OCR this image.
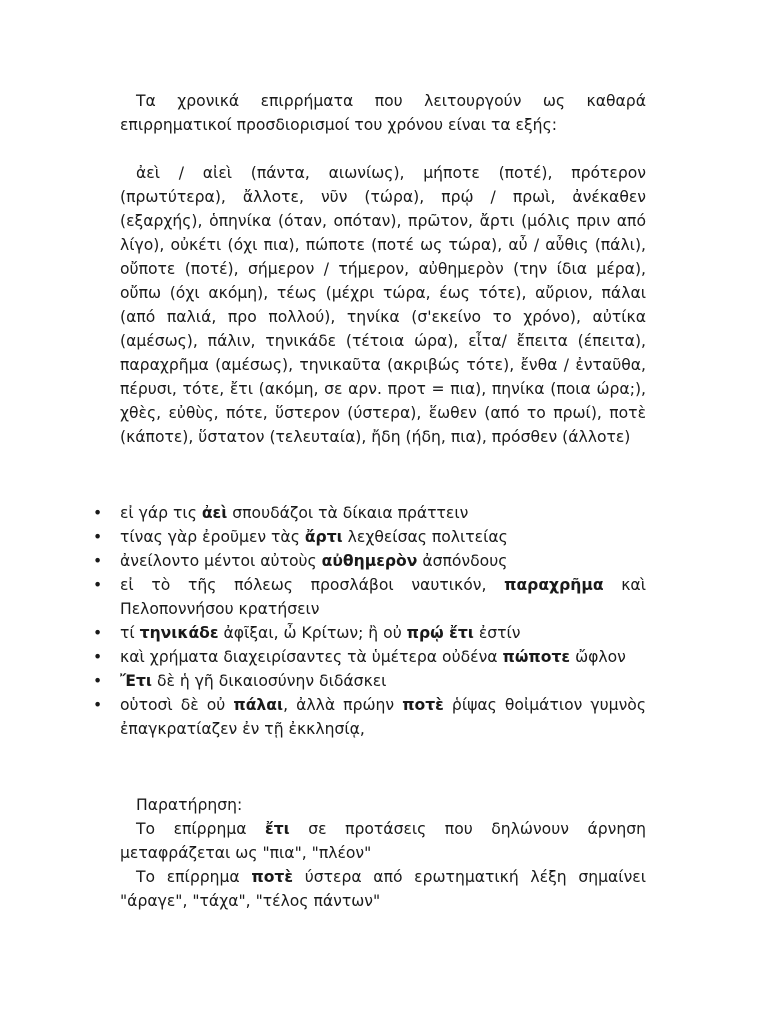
Τα χρονικά επιρρήματα που λειτουργούν ως καθαρά επιρρηματικοί προσδιορισμοί του χρόνου είναι τα εξής:

ἀεὶ / αἰεὶ (πάντα, αιωνίως), μήποτε (ποτέ), πρότερον (πρωτύτερα), ἄλλοτε, νῦν (τώρα), πρῴ / πρωὶ, ἀνέκαθεν (εξαρχής), ὁπηνίκα (όταν, οπόταν), πρῶτον, ἄρτι (μόλις πριν από λίγο), οὐκέτι (όχι πια), πώποτε (ποτέ ως τώρα), αὖ / αὖθις (πάλι), οὔποτε (ποτέ), σήμερον / τήμερον, αὐθημερὸν (την ίδια μέρα), οὔπω (όχι ακόμη), τέως (μέχρι τώρα, έως τότε), αὔριον, πάλαι (από παλιά, προ πολλού), τηνίκα (σ'εκείνο το χρόνο), αὐτίκα (αμέσως), πάλιν, τηνικάδε (τέτοια ώρα), εἶτα/ ἔπειτα (έπειτα), παραχρῆμα (αμέσως), τηνικαῦτα (ακριβώς τότε), ἔνθα / ἐνταῦθα, πέρυσι, τότε, ἔτι (ακόμη, σε αρν. προτ = πια), πηνίκα (ποια ώρα;), χθὲς, εὐθὺς, πότε, ὕστερον (ύστερα), ἕωθεν (από το πρωί), ποτὲ (κάποτε), ὕστατον (τελευταία), ἤδη (ήδη, πια), πρόσθεν (άλλοτε)

• εἰ γάρ τις ἀεὶ σπουδάζοι τὰ δίκαια πράττειν
• τίνας γὰρ ἐροῦμεν τὰς ἄρτι λεχθείσας πολιτείας
• ἀνείλοντο μέντοι αὐτοὺς αὐθημερὸν ἀσπόνδους
• εἰ τὸ τῆς πόλεως προσλάβοι ναυτικόν, παραχρῆμα καὶ Πελοποννήσου κρατήσειν
• τί τηνικάδε ἀφῖξαι, ὦ Κρίτων; ἢ οὐ πρῴ ἔτι ἐστίν
• καὶ χρήματα διαχειρίσαντες τὰ ὑμέτερα οὐδένα πώποτε ὤφλον
• Ἔτι δὲ ἡ γῆ δικαιοσύνην διδάσκει
• οὑτοσὶ δὲ οὐ πάλαι, ἀλλὰ πρώην ποτὲ ῥίψας θοἰμάτιον γυμνὸς ἐπαγκρατίαζεν ἐν τῇ ἐκκλησίᾳ,

Παρατήρηση:

Το επίρρημα ἔτι σε προτάσεις που δηλώνουν άρνηση μεταφράζεται ως "πια", "πλέον"

Το επίρρημα ποτὲ ύστερα από ερωτηματική λέξη σημαίνει "άραγε", "τάχα", "τέλος πάντων"
